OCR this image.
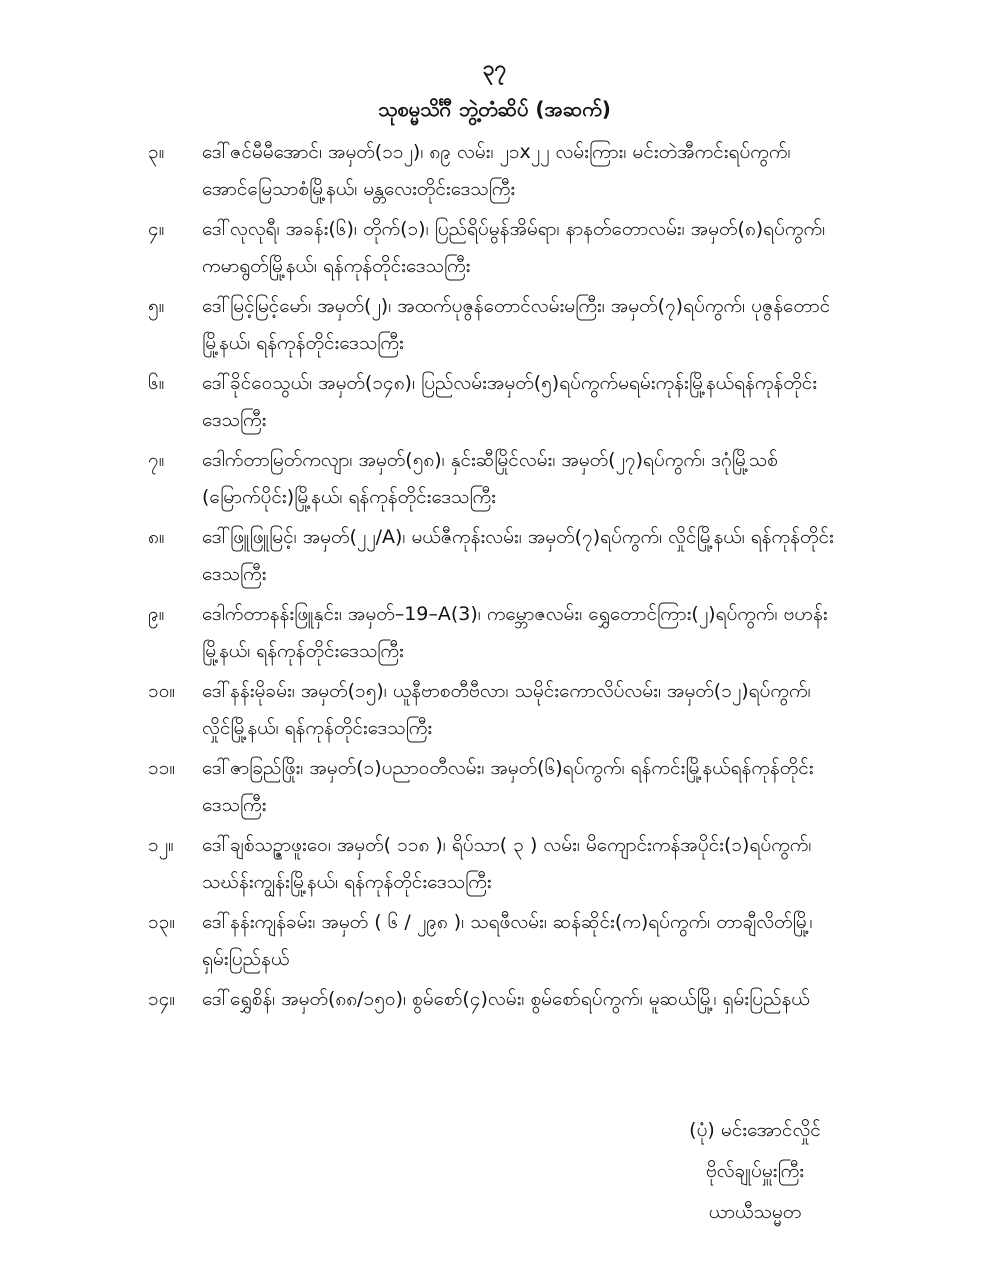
၃၇
သုစမ္မသိင်္ဂီ ဘွဲ့တံဆိပ် (အဆက်)
၃။ ဒေါ်ဇင်မီမီအောင်၊ အမှတ်(၁၁၂)၊ ၈၉ လမ်း၊ ၂၁x၂၂ လမ်းကြား၊ မင်းတဲအီကင်းရပ်ကွက်၊
အောင်မြေသာစံမြို့နယ်၊ မန္တလေးတိုင်းဒေသကြီး
၄။ ဒေါ်လုလုရီ၊ အခန်း(၆)၊ တိုက်(၁)၊ ပြည်ရိပ်မွန်အိမ်ရာ၊ နာနတ်တောလမ်း၊ အမှတ်(၈)ရပ်ကွက်၊
ကမာရွတ်မြို့နယ်၊ ရန်ကုန်တိုင်းဒေသကြီး
၅။ ဒေါ်မြင့်မြင့်မော်၊ အမှတ်(၂)၊ အထက်ပုဇွန်တောင်လမ်းမကြီး၊ အမှတ်(၇)ရပ်ကွက်၊ ပုဇွန်တောင်
မြို့နယ်၊ ရန်ကုန်တိုင်းဒေသကြီး
၆။ ဒေါ်ခိုင်ဝေသွယ်၊ အမှတ်(၁၄၈)၊ ပြည်လမ်းအမှတ်(၅)ရပ်ကွက်မရမ်းကုန်းမြို့နယ်ရန်ကုန်တိုင်း
ဒေသကြီး
၇။ ဒေါက်တာမြတ်ကလျာ၊ အမှတ်(၅၈)၊ နှင်းဆီမြိုင်လမ်း၊ အမှတ်(၂၇)ရပ်ကွက်၊ ဒဂုံမြို့သစ်
(မြောက်ပိုင်း)မြို့နယ်၊ ရန်ကုန်တိုင်းဒေသကြီး
၈။ ဒေါ်ဖြူဖြူမြင့်၊ အမှတ်(၂၂/A)၊ မယ်ဇီကုန်းလမ်း၊ အမှတ်(၇)ရပ်ကွက်၊ လှိုင်မြို့နယ်၊ ရန်ကုန်တိုင်း
ဒေသကြီး
၉။ ဒေါက်တာနန်းဖြူနှင်း၊ အမှတ်–19–A(3)၊ ကမ္ဘောဇလမ်း၊ ရွှေတောင်ကြား(၂)ရပ်ကွက်၊ ဗဟန်း
မြို့နယ်၊ ရန်ကုန်တိုင်းဒေသကြီး
၁၀။ ဒေါ်နန်းမိုခမ်း၊ အမှတ်(၁၅)၊ ယူနီဗာစတီဗီလာ၊ သမိုင်းကောလိပ်လမ်း၊ အမှတ်(၁၂)ရပ်ကွက်၊
လှိုင်မြို့နယ်၊ ရန်ကုန်တိုင်းဒေသကြီး
၁၁။ ဒေါ်ဇာခြည်ဖြိုး၊ အမှတ်(၁)ပညာဝတီလမ်း၊ အမှတ်(၆)ရပ်ကွက်၊ ရန်ကင်းမြို့နယ်ရန်ကုန်တိုင်း
ဒေသကြီး
၁၂။ ဒေါ်ချစ်သဉ္ဇာဖူးဝေ၊ အမှတ်( ၁၁၈ )၊ ရိပ်သာ( ၃ ) လမ်း၊ မိကျောင်းကန်အပိုင်း(၁)ရပ်ကွက်၊
သဃ်န်းကျွန်းမြို့နယ်၊ ရန်ကုန်တိုင်းဒေသကြီး
၁၃။ ဒေါ်နန်းကျန်ခမ်း၊ အမှတ် ( ၆ / ၂၉၈ )၊ သရဖီလမ်း၊ ဆန်ဆိုင်း(က)ရပ်ကွက်၊ တာချီလိတ်မြို့၊
ရှမ်းပြည်နယ်
၁၄။ ဒေါ်ရွှေစိန်၊ အမှတ်(၈၈/၁၅၀)၊ စွမ်စော်(၄)လမ်း၊ စွမ်စော်ရပ်ကွက်၊ မူဆယ်မြို့၊ ရှမ်းပြည်နယ်
(ပုံ) မင်းအောင်လှိုင်
ဗိုလ်ချုပ်မှူးကြီး
ယာယီသမ္မတ
